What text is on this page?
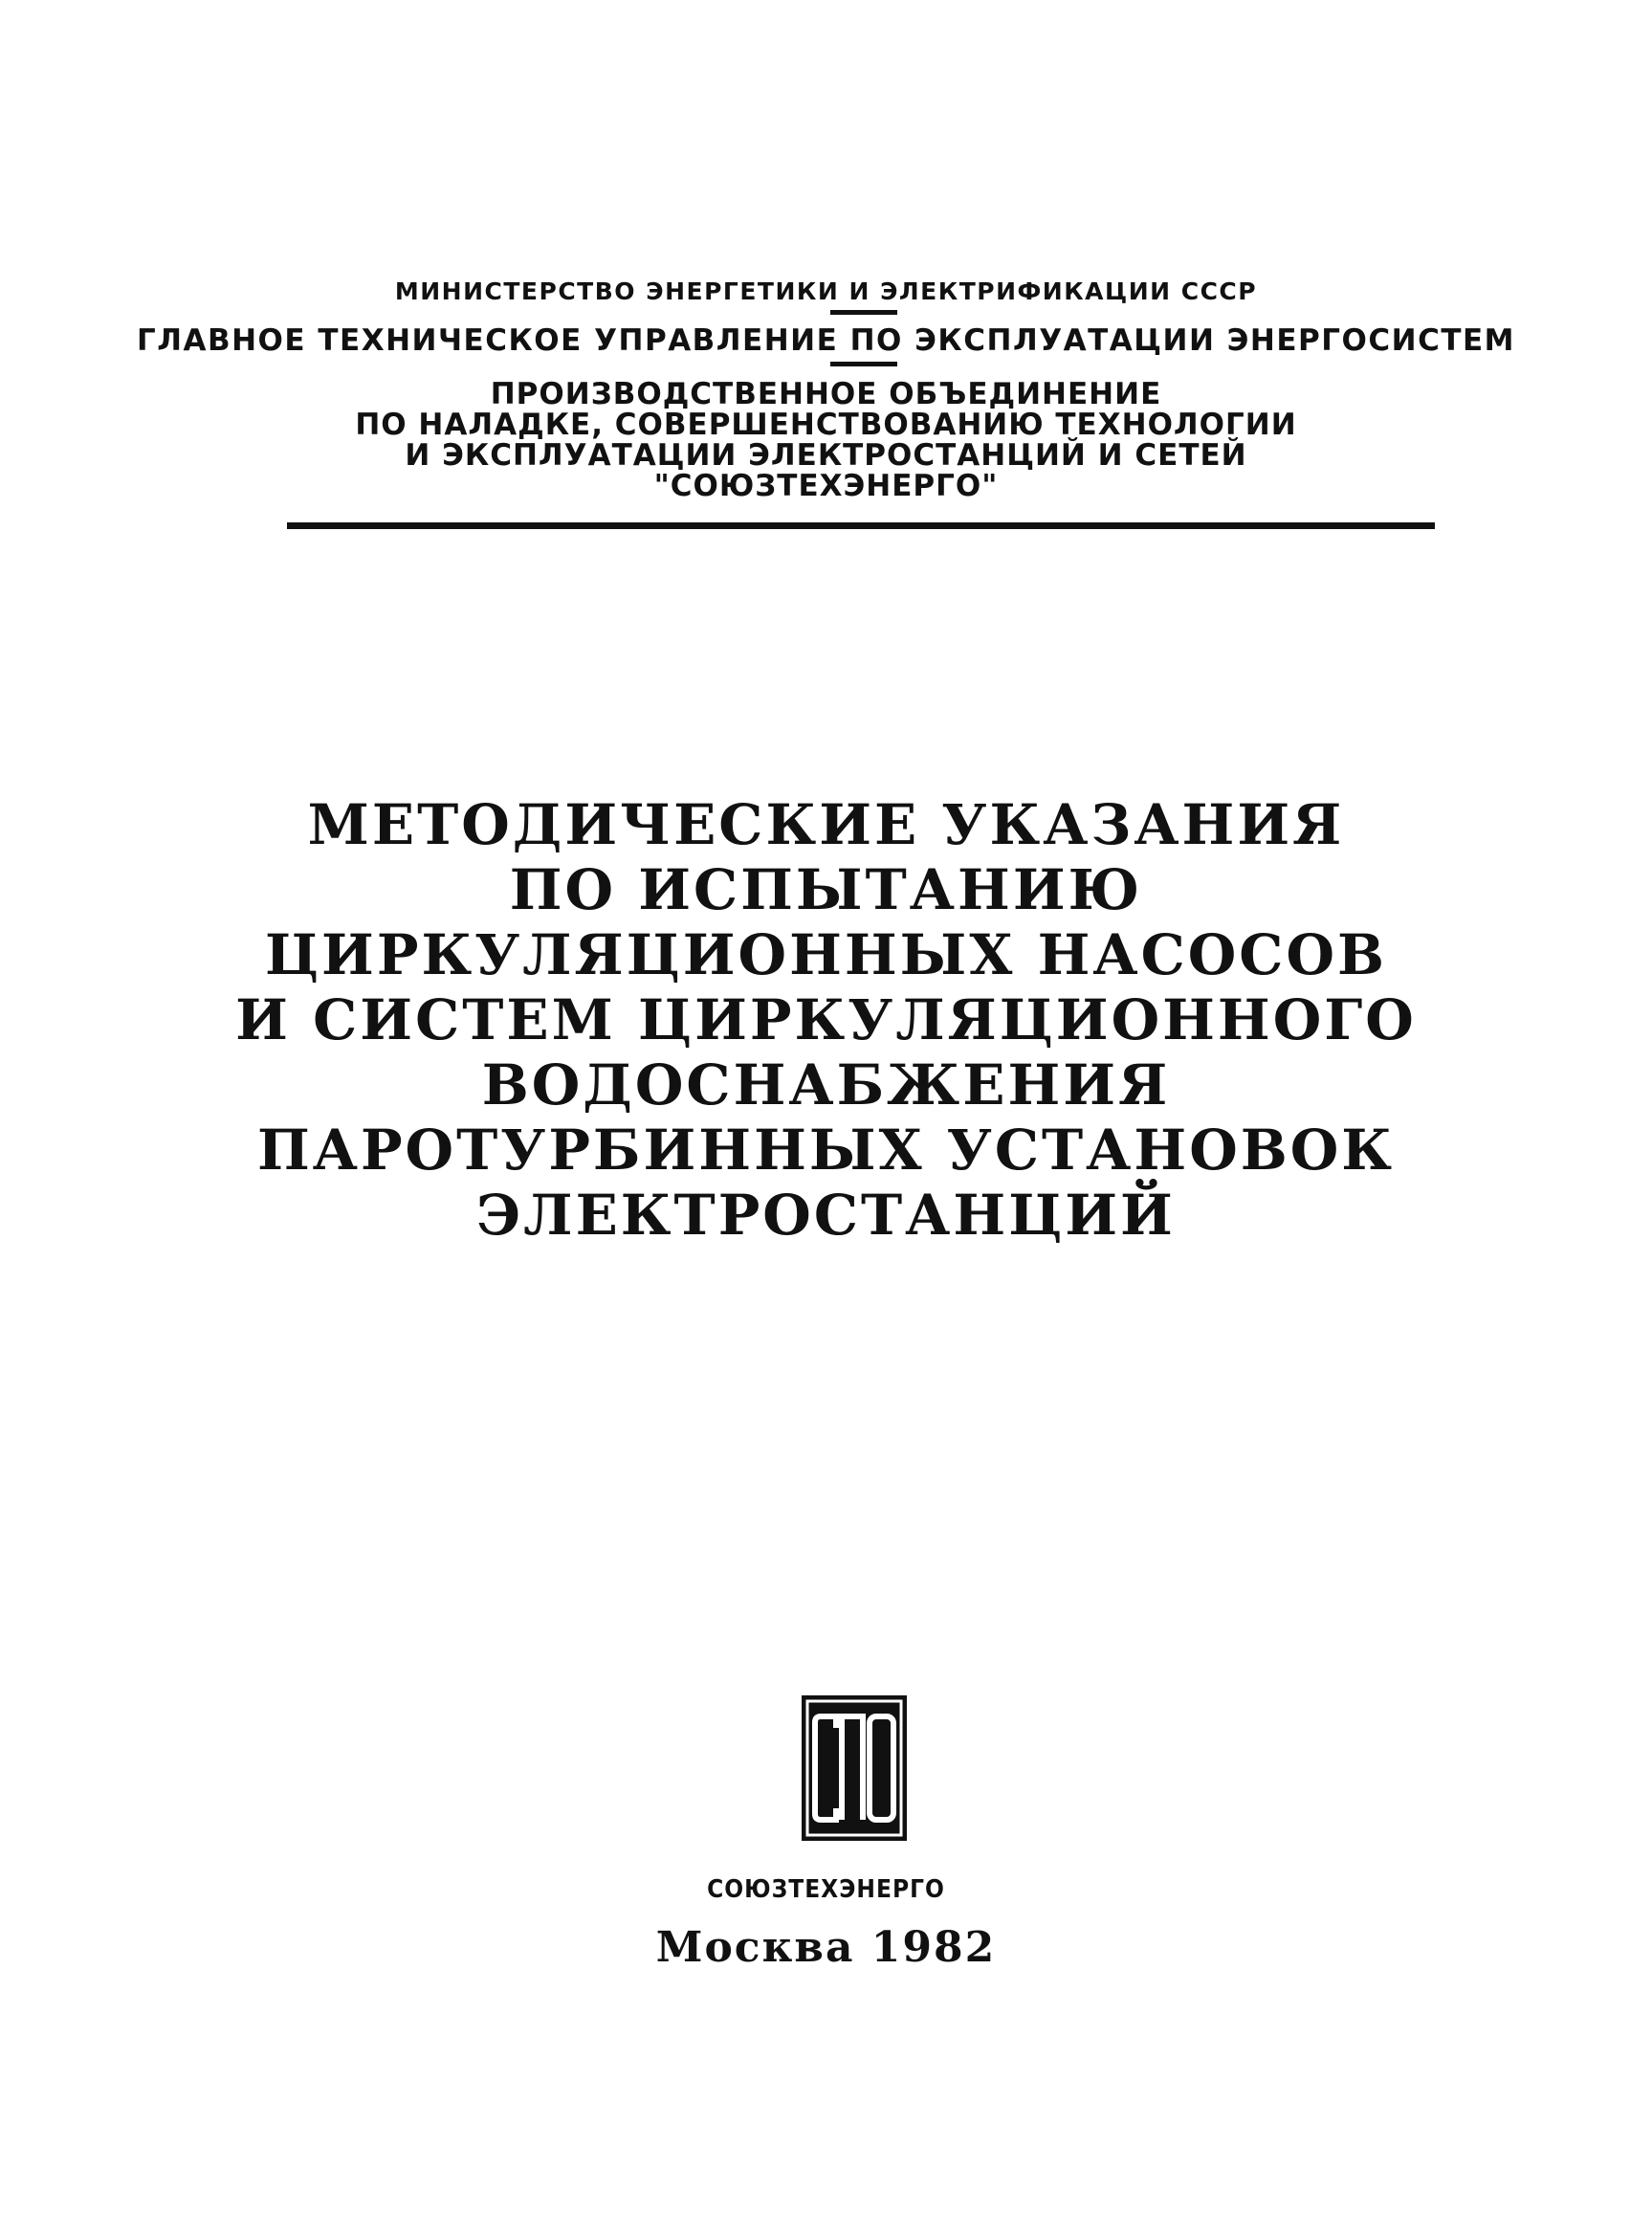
МИНИСТЕРСТВО ЭНЕРГЕТИКИ И ЭЛЕКТРИФИКАЦИИ СССР
ГЛАВНОЕ ТЕХНИЧЕСКОЕ УПРАВЛЕНИЕ ПО ЭКСПЛУАТАЦИИ ЭНЕРГОСИСТЕМ
ПРОИЗВОДСТВЕННОЕ ОБЪЕДИНЕНИЕ
ПО НАЛАДКЕ, СОВЕРШЕНСТВОВАНИЮ ТЕХНОЛОГИИ
И ЭКСПЛУАТАЦИИ ЭЛЕКТРОСТАНЦИЙ И СЕТЕЙ
"СОЮЗТЕХЭНЕРГО"
МЕТОДИЧЕСКИЕ УКАЗАНИЯ
ПО ИСПЫТАНИЮ
ЦИРКУЛЯЦИОННЫХ НАСОСОВ
И СИСТЕМ ЦИРКУЛЯЦИОННОГО
ВОДОСНАБЖЕНИЯ
ПАРОТУРБИННЫХ УСТАНОВОК
ЭЛЕКТРОСТАНЦИЙ
СПО
СОЮЗТЕХЭНЕРГО
Москва 1982
